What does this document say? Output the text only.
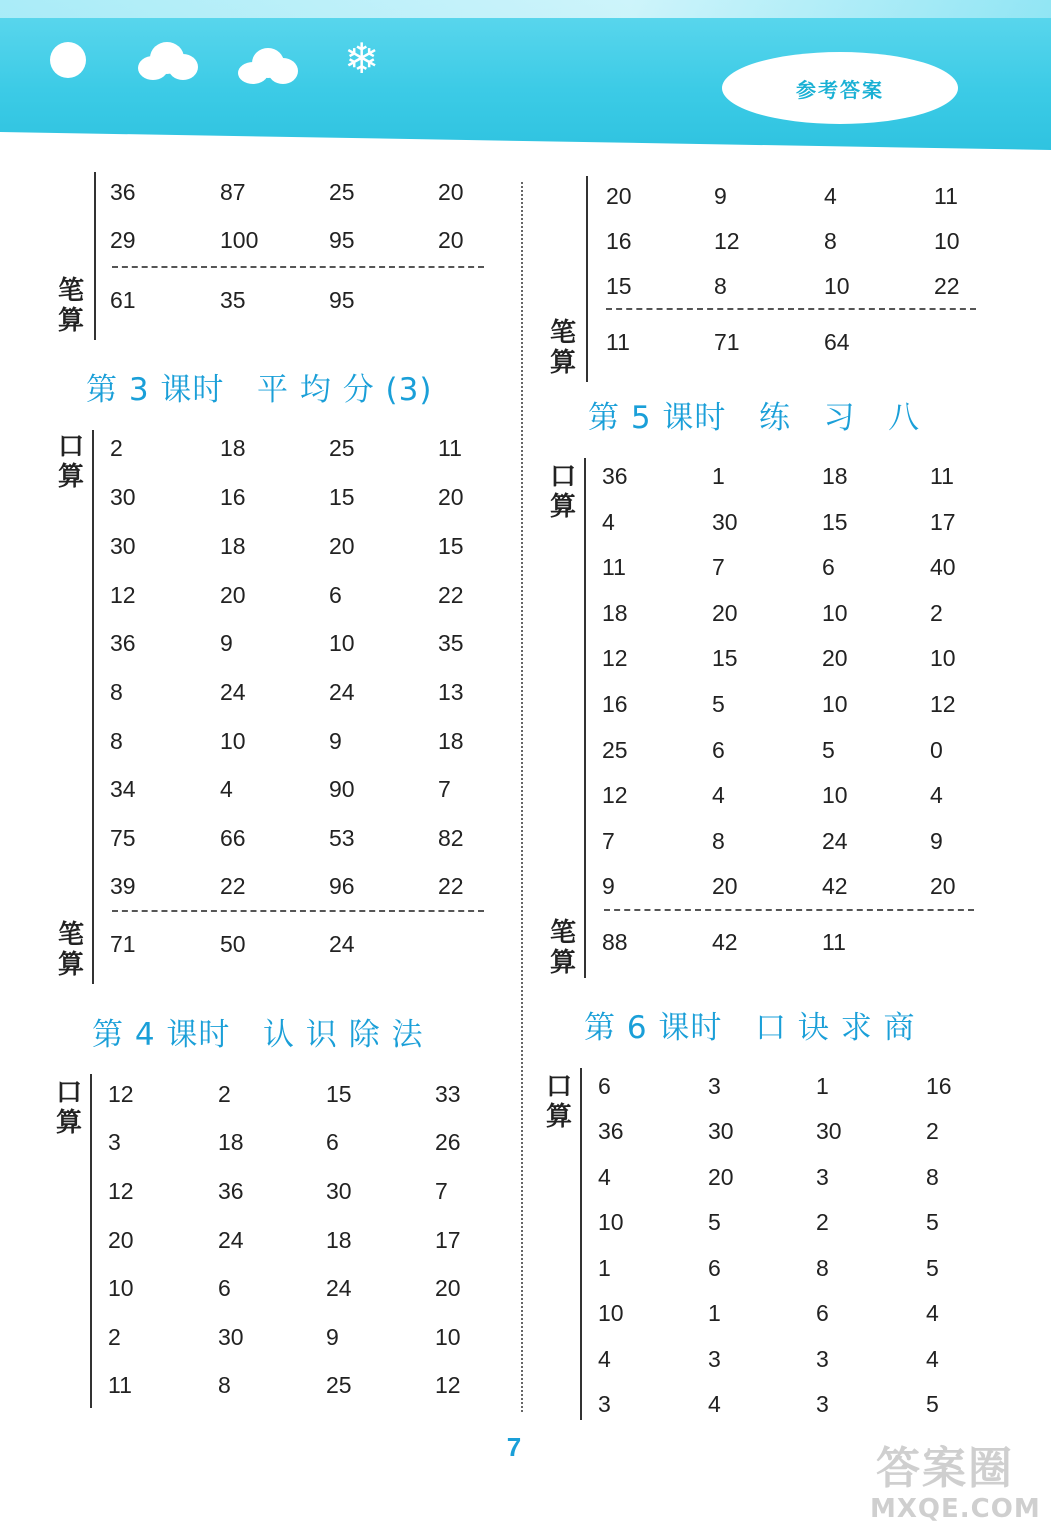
❄
参考答案
36	87	25	20
29	100	95	20
笔算
61	35	95
第 3 课时   平 均 分 (3)
口算
2	18	25	11
30	16	15	20
30	18	20	15
12	20	6	22
36	9	10	35
8	24	24	13
8	10	9	18
34	4	90	7
75	66	53	82
39	22	96	22
笔算
71	50	24
第 4 课时   认 识 除 法
口算
12	2	15	33
3	18	6	26
12	36	30	7
20	24	18	17
10	6	24	20
2	30	9	10
11	8	25	12
20	9	4	11
16	12	8	10
15	8	10	22
笔算
11	71	64
第 5 课时   练   习   八
口算
36	1	18	11
4	30	15	17
11	7	6	40
18	20	10	2
12	15	20	10
16	5	10	12
25	6	5	0
12	4	10	4
7	8	24	9
9	20	42	20
笔算
88	42	11
第 6 课时   口 诀 求 商
口算
6	3	1	16
36	30	30	2
4	20	3	8
10	5	2	5
1	6	8	5
10	1	6	4
4	3	3	4
3	4	3	5
7	答案圈
MXQE.COM
